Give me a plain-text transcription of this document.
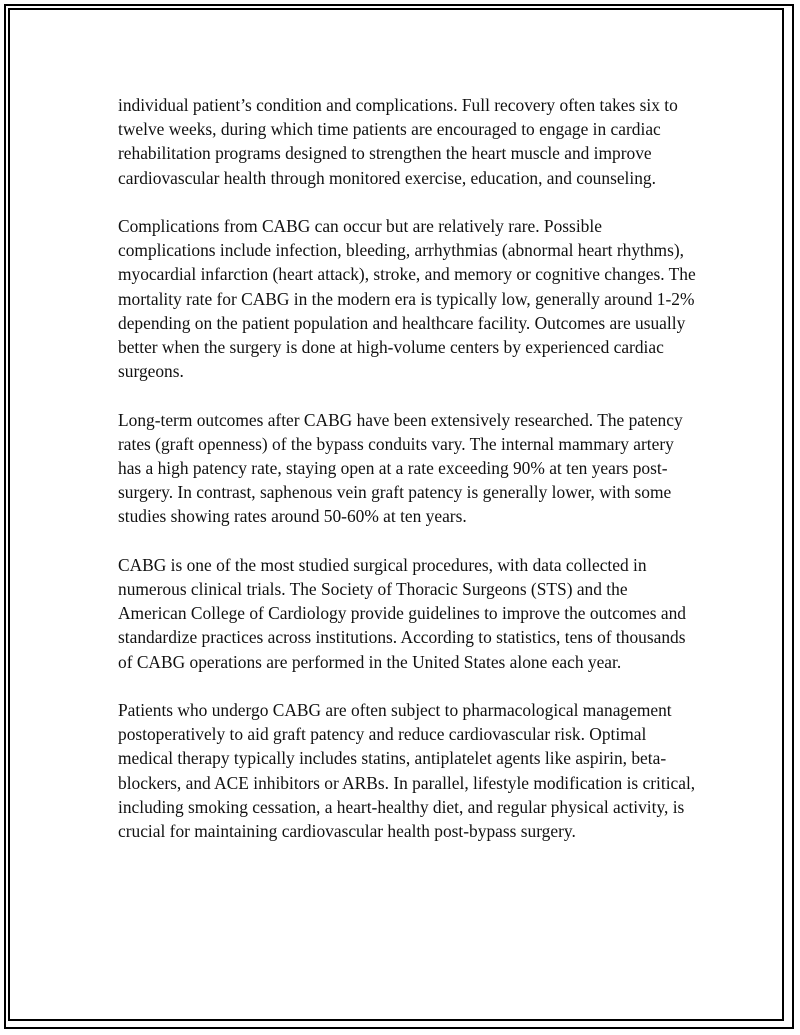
individual patient’s condition and complications. Full recovery often takes six to twelve weeks, during which time patients are encouraged to engage in cardiac rehabilitation programs designed to strengthen the heart muscle and improve cardiovascular health through monitored exercise, education, and counseling.

Complications from CABG can occur but are relatively rare. Possible complications include infection, bleeding, arrhythmias (abnormal heart rhythms), myocardial infarction (heart attack), stroke, and memory or cognitive changes. The mortality rate for CABG in the modern era is typically low, generally around 1-2% depending on the patient population and healthcare facility. Outcomes are usually better when the surgery is done at high-volume centers by experienced cardiac surgeons.

Long-term outcomes after CABG have been extensively researched. The patency rates (graft openness) of the bypass conduits vary. The internal mammary artery has a high patency rate, staying open at a rate exceeding 90% at ten years post-surgery. In contrast, saphenous vein graft patency is generally lower, with some studies showing rates around 50-60% at ten years.

CABG is one of the most studied surgical procedures, with data collected in numerous clinical trials. The Society of Thoracic Surgeons (STS) and the American College of Cardiology provide guidelines to improve the outcomes and standardize practices across institutions. According to statistics, tens of thousands of CABG operations are performed in the United States alone each year.

Patients who undergo CABG are often subject to pharmacological management postoperatively to aid graft patency and reduce cardiovascular risk. Optimal medical therapy typically includes statins, antiplatelet agents like aspirin, beta-blockers, and ACE inhibitors or ARBs. In parallel, lifestyle modification is critical, including smoking cessation, a heart-healthy diet, and regular physical activity, is crucial for maintaining cardiovascular health post-bypass surgery.
